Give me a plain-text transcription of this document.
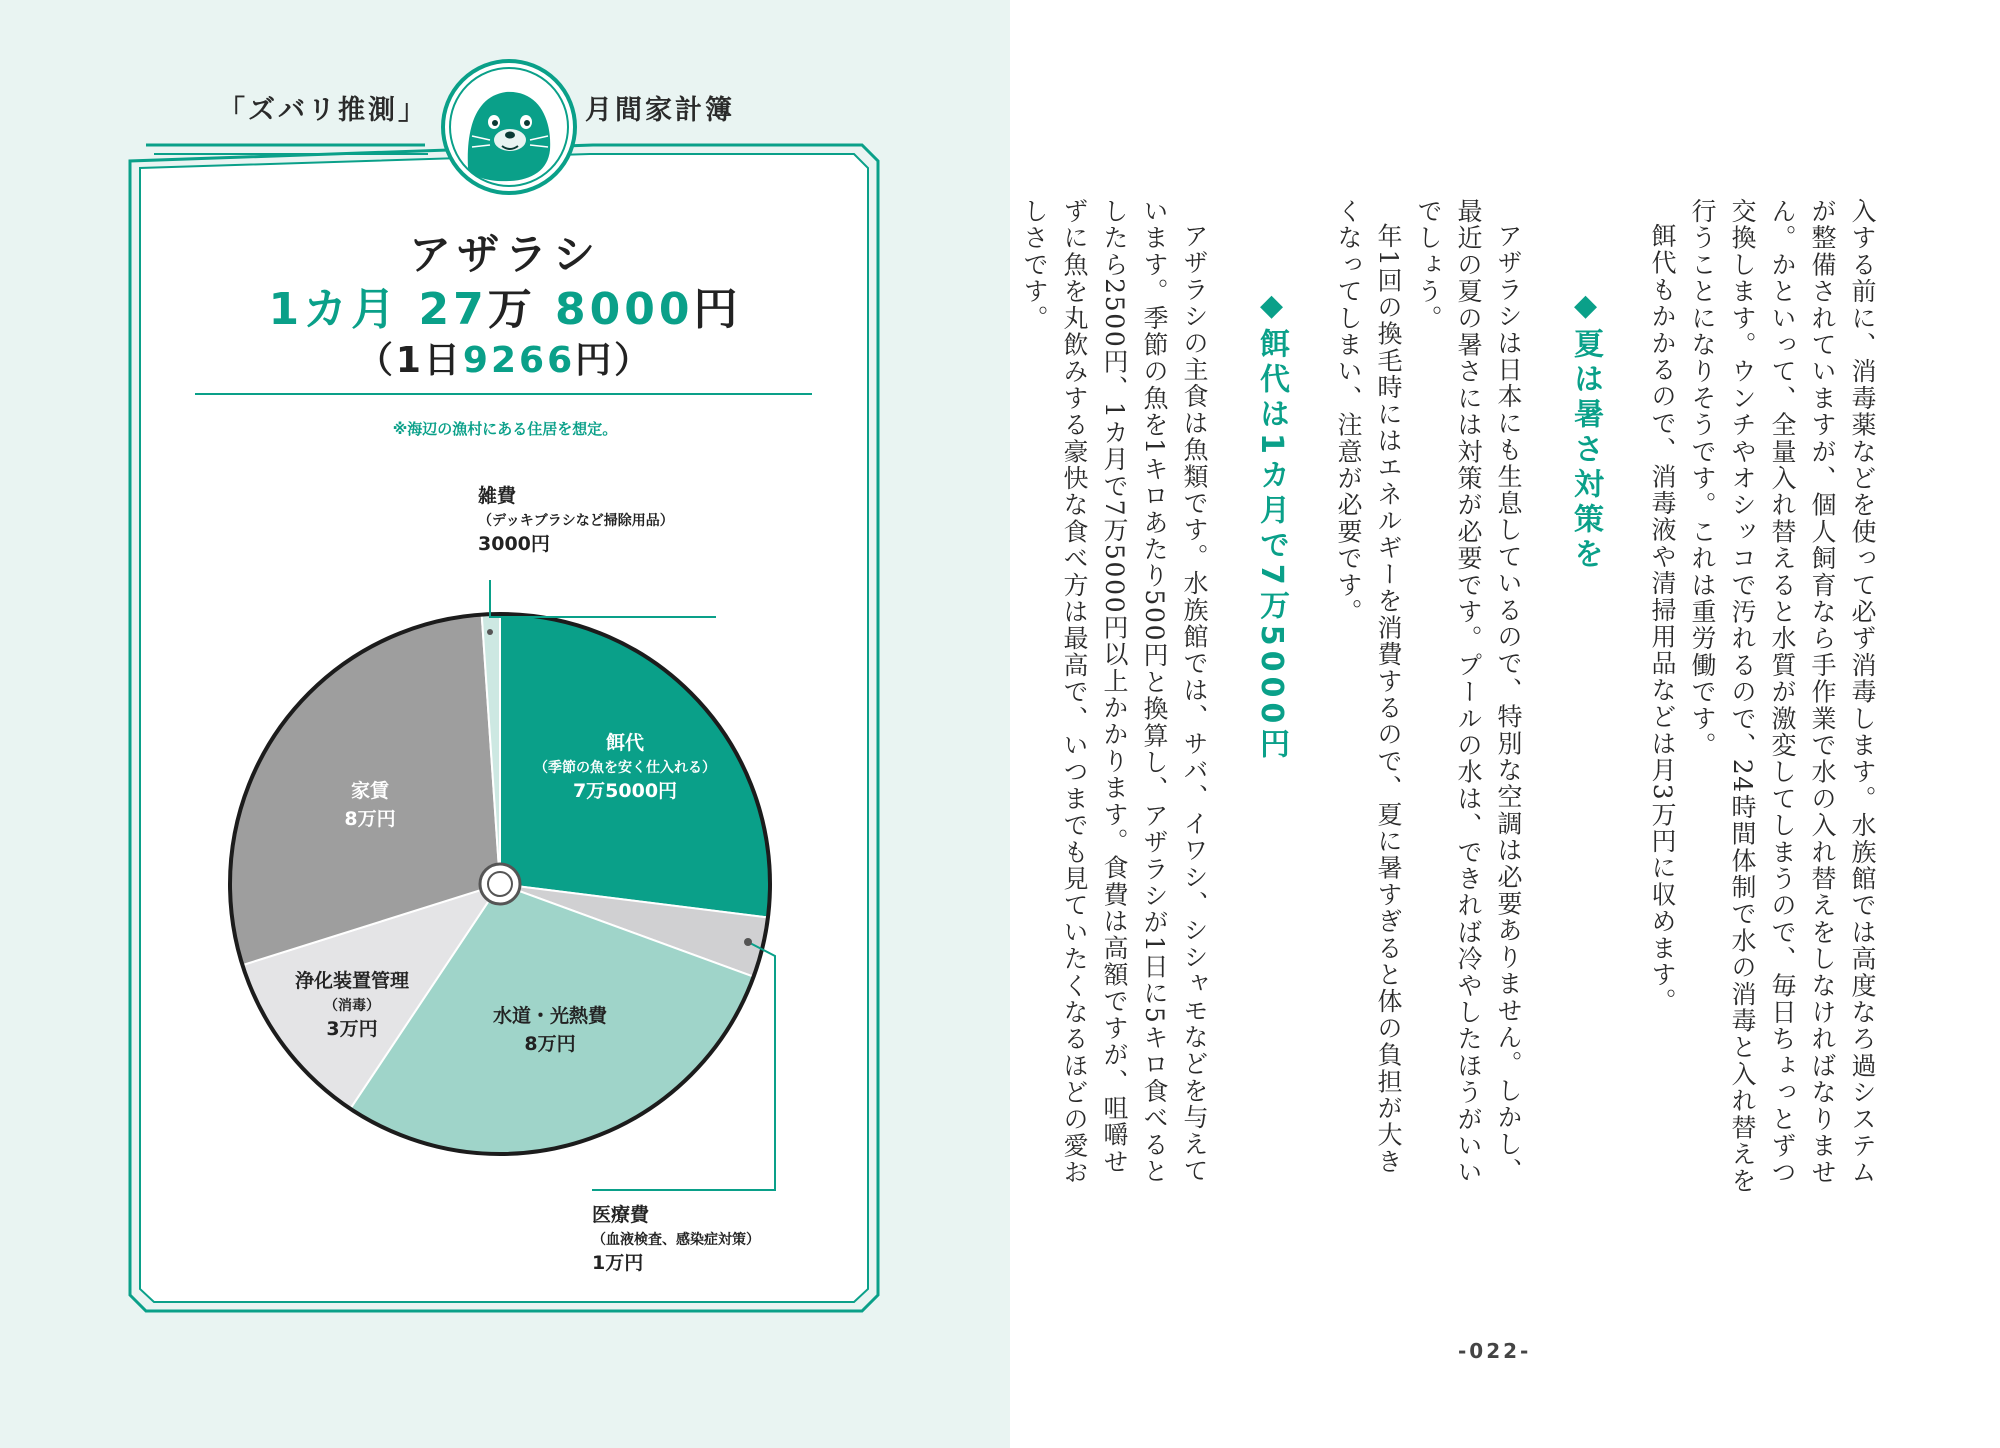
「ズバリ推測」	月間家計簿
アザラシ
1カ月 27万 8000円
（1日9266円）
※海辺の漁村にある住居を想定。
餌代
（季節の魚を安く仕入れる）
7万5000円
家賃
8万円
浄化装置管理
（消毒）
3万円
水道・光熱費
8万円
雑費
（デッキブラシなど掃除用品）
3000円
医療費
（血液検査、感染症対策）
1万円

入する前に、消毒薬などを使って必ず消毒します。水族館では高度なろ過システムが整備されていますが、個人飼育なら手作業で水の入れ替えをしなければなりません。かといって、全量入れ替えると水質が激変してしまうので、毎日ちょっとずつ交換します。ウンチやオシッコで汚れるので、24時間体制で水の消毒と入れ替えを行うことになりそうです。これは重労働です。

餌代もかかるので、消毒液や清掃用品などは月3万円に収めます。

◆夏は暑さ対策を

アザラシは日本にも生息しているので、特別な空調は必要ありません。しかし、最近の夏の暑さには対策が必要です。プールの水は、できれば冷やしたほうがいいでしょう。

年1回の換毛時にはエネルギーを消費するので、夏に暑すぎると体の負担が大きくなってしまい、注意が必要です。

◆餌代は1カ月で7万5000円

アザラシの主食は魚類です。水族館では、サバ、イワシ、シシャモなどを与えています。季節の魚を1キロあたり500円と換算し、アザラシが1日に5キロ食べるとしたら2500円、1カ月で7万5000円以上かかります。食費は高額ですが、咀嚼せずに魚を丸飲みする豪快な食べ方は最高で、いつまでも見ていたくなるほどの愛おしさです。

-022-
